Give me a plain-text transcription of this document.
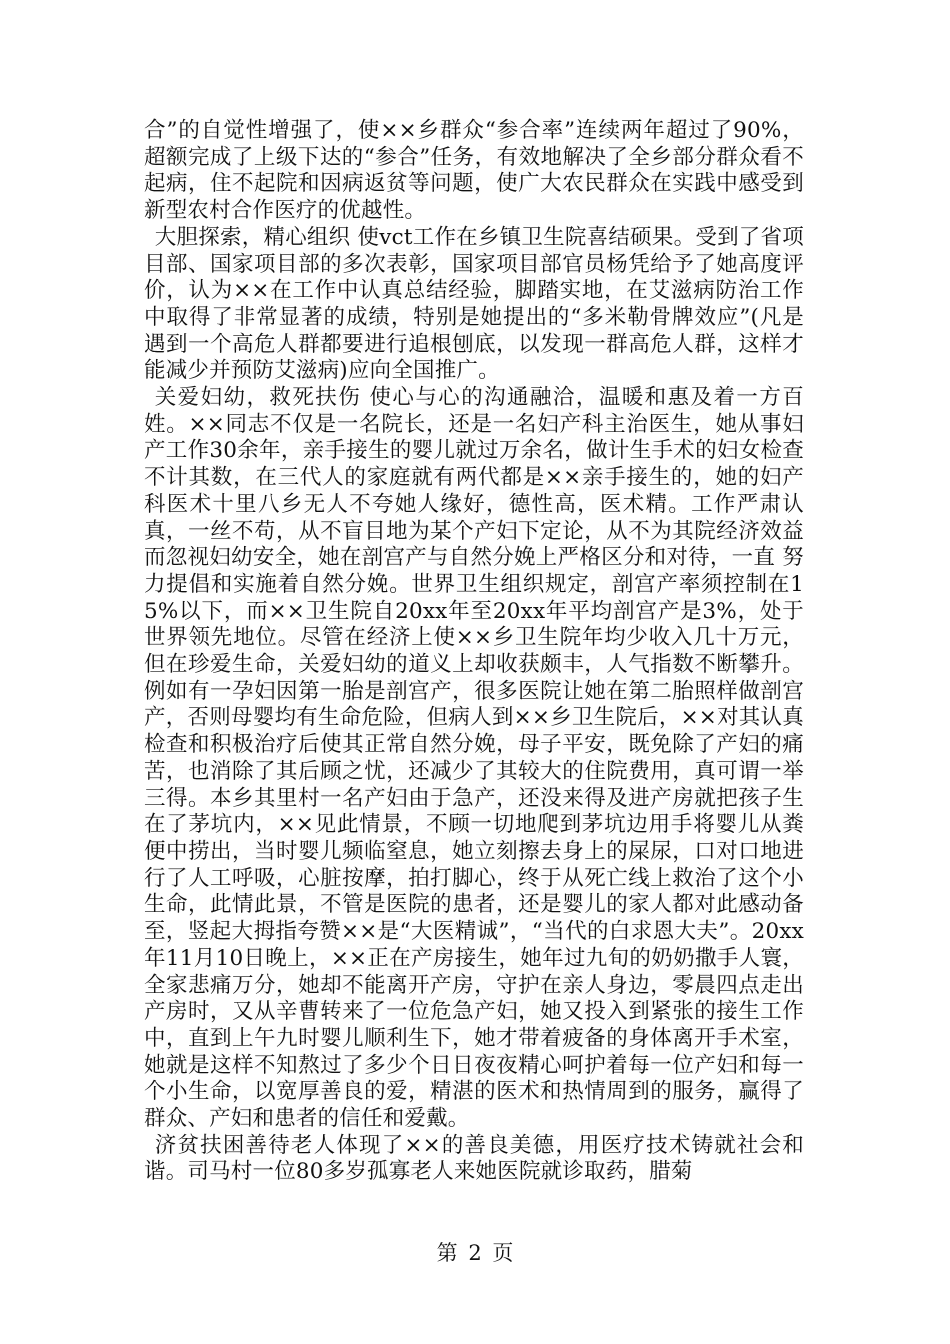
合”的自觉性增强了，使××乡群众“参合率”连续两年超过了90%，超额完成了上级下达的“参合”任务，有效地解决了全乡部分群众看不起病，住不起院和因病返贫等问题，使广大农民群众在实践中感受到新型农村合作医疗的优越性。

大胆探索，精心组织 使vct工作在乡镇卫生院喜结硕果。受到了省项目部、国家项目部的多次表彰，国家项目部官员杨凭给予了她高度评价，认为××在工作中认真总结经验，脚踏实地，在艾滋病防治工作中取得了非常显著的成绩，特别是她提出的“多米勒骨牌效应”(凡是遇到一个高危人群都要进行追根刨底，以发现一群高危人群，这样才能减少并预防艾滋病)应向全国推广。

关爱妇幼，救死扶伤 使心与心的沟通融洽，温暖和惠及着一方百姓。××同志不仅是一名院长，还是一名妇产科主治医生，她从事妇产工作30余年，亲手接生的婴儿就过万余名，做计生手术的妇女检查不计其数，在三代人的家庭就有两代都是××亲手接生的，她的妇产科医术十里八乡无人不夸她人缘好，德性高，医术精。工作严肃认真，一丝不苟，从不盲目地为某个产妇下定论，从不为其院经济效益而忽视妇幼安全，她在剖宫产与自然分娩上严格区分和对待，一直 努力提倡和实施着自然分娩。世界卫生组织规定，剖宫产率须控制在15%以下，而××卫生院自20xx年至20xx年平均剖宫产是3%，处于世界领先地位。尽管在经济上使××乡卫生院年均少收入几十万元，但在珍爱生命，关爱妇幼的道义上却收获颇丰，人气指数不断攀升。例如有一孕妇因第一胎是剖宫产，很多医院让她在第二胎照样做剖宫产，否则母婴均有生命危险，但病人到××乡卫生院后，××对其认真检查和积极治疗后使其正常自然分娩，母子平安，既免除了产妇的痛苦，也消除了其后顾之忧，还减少了其较大的住院费用，真可谓一举三得。本乡其里村一名产妇由于急产，还没来得及进产房就把孩子生在了茅坑内，××见此情景，不顾一切地爬到茅坑边用手将婴儿从粪便中捞出，当时婴儿频临窒息，她立刻擦去身上的屎尿，口对口地进行了人工呼吸，心脏按摩，拍打脚心，终于从死亡线上救治了这个小生命，此情此景，不管是医院的患者，还是婴儿的家人都对此感动备至，竖起大拇指夸赞××是“大医精诚”，“当代的白求恩大夫”。20xx年11月10日晚上，××正在产房接生，她年过九旬的奶奶撒手人寰，全家悲痛万分，她却不能离开产房，守护在亲人身边，零晨四点走出产房时，又从辛曹转来了一位危急产妇，她又投入到紧张的接生工作中，直到上午九时婴儿顺利生下，她才带着疲备的身体离开手术室，她就是这样不知熬过了多少个日日夜夜精心呵护着每一位产妇和每一个小生命，以宽厚善良的爱，精湛的医术和热情周到的服务，赢得了群众、产妇和患者的信任和爱戴。

济贫扶困善待老人体现了××的善良美德，用医疗技术铸就社会和谐。司马村一位80多岁孤寡老人来她医院就诊取药，腊菊

第 2 页
